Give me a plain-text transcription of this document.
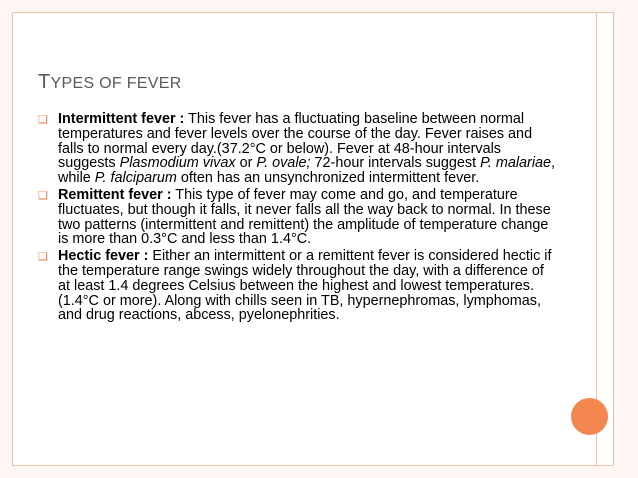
TYPES OF FEVER
❑ Intermittent fever : This fever has a fluctuating baseline between normal temperatures and fever levels over the course of the day. Fever raises and falls to normal every day.(37.2°C or below). Fever at 48-hour intervals suggests Plasmodium vivax or P. ovale; 72-hour intervals suggest P. malariae, while P. falciparum often has an unsynchronized intermittent fever.
❑ Remittent fever : This type of fever may come and go, and temperature fluctuates, but though it falls, it never falls all the way back to normal. In these two patterns (intermittent and remittent) the amplitude of temperature change is more than 0.3°C and less than 1.4°C.
❑ Hectic fever : Either an intermittent or a remittent fever is considered hectic if the temperature range swings widely throughout the day, with a difference of at least 1.4 degrees Celsius between the highest and lowest temperatures. (1.4°C or more). Along with chills seen in TB, hypernephromas, lymphomas, and drug reactions, abcess, pyelonephrities.
